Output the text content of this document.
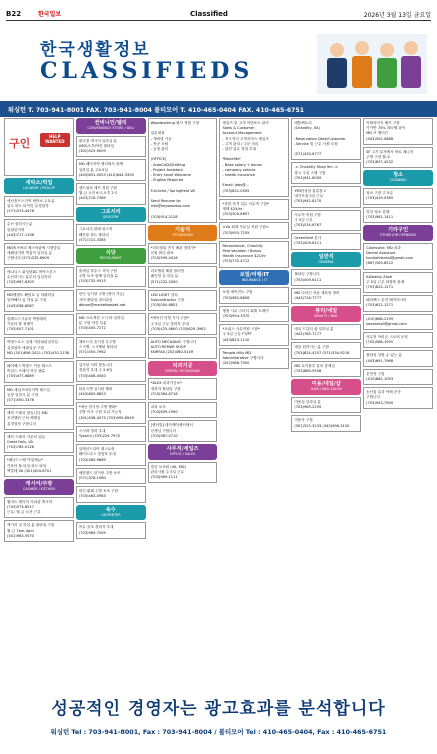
B22	한국일보	Classified	2026년 3월 13일 금요일
한국생활정보
CLASSIFIEDS
워싱턴 T. 703-941-8001 FAX. 703-941-8004 볼티모어 T. 410-465-0404 FAX. 410-465-6751
구인
HELP WANTED
세탁소/빅업
LAUNDRY / PICK-UP

애난홀프스지역 세탁소 주3-일
일도 파트 타이밍 유경험자
(571)373-4478

수선 잘하시는분
알링턴지역
(443)717-1198

MD솔즈버리 체스픽샵에 시엘맞일
애페닝이며 빅업이 일하실 분
구합니다 (571)235-8909

애나디스 워싱턴DC 바닥스톤스
수선하시는 분부터 일일자리
(703)967-6303

MD델렌트 해팅로 일 하뤼하일
알바해서 일 하실 분 구함
(443)538-8087

칼레트드시큐어 박장레어
카운터 풀 플레이
(703)507-7101

박장드로스 일새 카라피링일하실
유경험자 애퍼일공 구함
MD (301)656-2021 (703)470-2138

페어팩스 박장드 이동 테스트
빅업드 프레서 하루 필분
(703)477-6889

MD 세일즈버리지역 테스일
공장 일하시 분 구함
(571)550-3376

세탁 드레서 찾습니다 MD
조지밸런 근처 체제일
유경험자 구함니다

세탁 드레서 카운터 업무
Great Falls, VA
(703)785-0128

*페닝드스탈 빅업채뉴*
카운터 풀 타임 파트 타임
맥클레 VA (301)404-6701

캐시어/주방
CASHIER / KITCHEN

월마트 센티어 커피샵 캐시어
(703)973-8517
근무: 월-금 오전 근무

캐시어 일 하실 분 풀타임 구함
월-금 7am-4pm
(301)963-5570

컨비니언/델리
CONVENIENCE STORE / DELI

편의점 캐시어 일하실 분
(MD)오후/야간 풀타임
(301)525-9009

MD 페어지역 델리에서 함께
일하실 분 주4-5일
(443)631-0053 (410)644-3350

센드위치 셰프 경험 구함
월-금 오전 6시-오후 2시
(443)718-7369

그로서리
GROCERY

그로서리 판매 창고직
해산물 파트 풀타임
(571)722-3385

식당
RESTAURANT

홀세일 하우스 서버 구함
주방 보조 함께 일하실 분
(703)732-9515

한인 일식당 주방 (영어 가능)
서버 풀타임 파트타임
dbhan@marketbasket.net

MD 프로젝션 스시 바 일하실
분 구함 야간 부분
(703)405-7272

체포드리 음식점 부주방
스시맨, 스시헬퍼 풀타임
(571)550-7962

일식당 서버 찾습니다
경험자 우대 주 5-6일
(703)408-4040

타운스맨 일식당 헬퍼
(443)800-8853

*애난 한식당 주방 헬퍼*
주방 이모 구함 토일 가능자
(301)938-4075 (703)995-8949

스시바 경력 우대
Tyson's (703)229-7970

알렉산드리아 레스토랑
웨이트리스 경험자 우대
(703)360-9889

메릴랜드 한식당 주방 보조
(571)378-1980

한인 뷔페 주방 보조 구함
(703)463-0983

육수
CARPENTER

목수 골조 경력자 우대
(703)969-7009

Woodworking 회사 직원 구함

업무내용
- 캐비넷 가공
- 목공 조립
- 공장 관리

(OFFICE)
- AutoCAD/Drafting
- Project Assistant
- Entry Level Welcome
- English Required

Full-time / Springfield VA

Send Resume to:
info@keywoodva.com

(703)914-2128

기술직
TECHNICIAN

*리모델링 전기 배관 경력자*
신원 확인 완료
(703)599-4416

리모델링 배관 플러밍
페인팅 일 하실 분
(571)232-2000

LED LIGHT 설치
Subcontractor 구함
(703)000-8801

*에어컨 히팅 기사 구함*
주 5일 근무 경력자 우대
(703)425-4600 (703)629-3962

AUTO MECHANIC 구합니다
AUTO REPAIR SHOP
FAIRFAX (202)460-0109

치과기공
DENTAL TECHNICIAN

*ALEX 치과기공소*
경력자 풀타임 구함
(703)364-6718

치과 보조
(703)639-1990

[센터빌] 데이케어센터에서
선생님 구합니다
(703)987-0710

사무직/세일즈
OFFICE / SALES

빌딩 보조원 (VA, MD)
관리사원 주 5일 근무
(703)969-1111

세일즈 및 고객 어번포트 관리
Sales & Customer
Account Management
- 적극적인 고객서비스 세일즈
- 고객 관리 / 주문 처리
- 관련 업무 경험 우대

*Benefits*
- Base salary + bonus
- company vehicle
- health insurance

Email: jobs@...
(703)851-0005

*경력 자격 업무 사무직 구함*
재택 $25/hr
(703)300-8897

<VA 회계 사무실 직원 구함>
(703)955-7255

Receptionist, Chantilly
Paid Vacation / Bonus
Health Insurance $21/hr
(703)732-4712

보험/여행/IT
INSURANCE / IT

보험 에이전트 구함
(703)982-8808

행정 사무 스터디 회계 트레이
(703)954-3370

*오피스 사무직원 구함*
주 5일 근무 FT/PT
(443)823-1110

Temple Hills MD
Administrative 구합니다
(202)986-7000

메틀팩토리
(Chantilly, VA)

-Reservation Desk/Customer
-Service 및 근무 사원 모집

(571)433-6777

-> Chantilly Shop 9m ->
창고 주업 스탭 구함
(703)941-8009

YMI한성한 물류창고
대기모집 5일 근무
(703)942-8170

사무직 직원 구함
주 5일 근무
(703)534-6767

Greenfield 본사
(703)409-6111

일반직
GENERAL

풀타임 구합니다
(703)409-6111

MD 다리인 자동 세차장 정비
(443)716-7777

뷰티/네일
BEAUTY / NAIL

네일 드뷰티 샵 일하실 분
(443)765-7177

네일 원하시는 분 구함
(703)624-4257 (571)334-9218

MD 로키플루 뷰티 홀세일
(703)889-9558

미용/네일/샵
HAIR / NAIL SALON

미용실 일하실 분
(703)965-2255

미용사 구함
(301)523-3233 (443)996-3150

이탈리아식 베커 구함
카카반 70% 파티엠 화이
MD 브 앤더슨
(443)502-0688

SF 고기 뷰직에서 바로 매니저
주방 구함 월-토
(703)637-4232

청소
CLEANING

청소 구함 주 5일
(703)419-0365

빌딩 청소 업체
(703)981-1411

기타구인
OTHER JOB OPENINGS

Clarksville, MD 치과
Dental Assistant
houliahdental@gmail.com
(667)300-8522

K-Beauty Zone
주 5일 근무 화장품 판매
(703)622-1271

페어팩스 운전 베이비시터
(703)622-1271

(410)668-2199
saveamall@gmail.com

사무직 아마존 스토어 운영
(703)568-1995

풀타임 일할 수 있는 분
(443)691-7968

운전자 구함
(410)862-1093

농산물 흥과 야채 운송
구합니다
(703)943-7900

성공적인 경영자는 광고효과를 분석합니다
워싱턴 Tel : 703-941-8001, Fax : 703-941-8004 / 볼티모어 Tel : 410-465-0404, Fax : 410-465-6751
